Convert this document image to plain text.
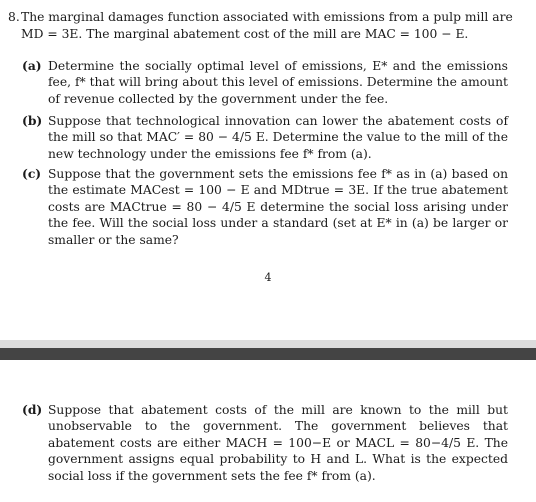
8. The marginal damages function associated with emissions from a pulp mill are MD = 3E. The marginal abatement cost of the mill are MAC = 100 − E.
(a) Determine the socially optimal level of emissions, E* and the emissions fee, f* that will bring about this level of emissions. Determine the amount of revenue collected by the government under the fee.
(b) Suppose that technological innovation can lower the abatement costs of the mill so that MAC′ = 80 − 4/5 E. Determine the value to the mill of the new technology under the emissions fee f* from (a).
(c) Suppose that the government sets the emissions fee f* as in (a) based on the estimate MACest = 100 − E and MDtrue = 3E. If the true abatement costs are MACtrue = 80 − 4/5 E determine the social loss arising under the fee. Will the social loss under a standard (set at E* in (a) be larger or smaller or the same?
4
(d) Suppose that abatement costs of the mill are known to the mill but unobservable to the government. The government believes that abatement costs are either MACH = 100−E or MACL = 80−4/5 E. The government assigns equal probability to H and L. What is the expected social loss if the government sets the fee f* from (a).
